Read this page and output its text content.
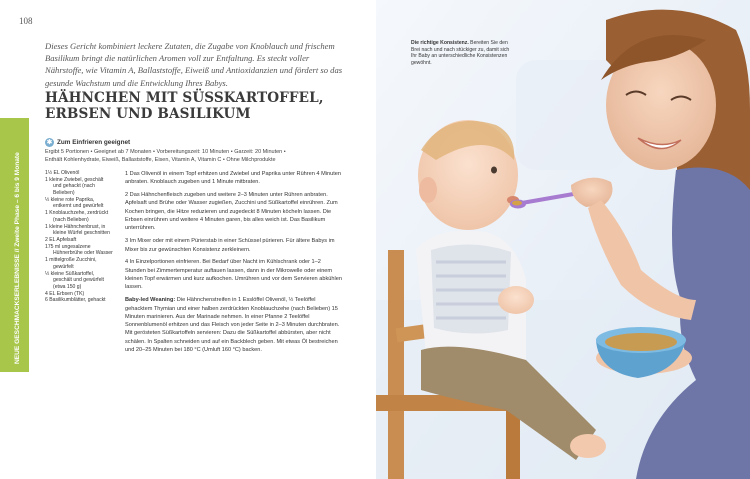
108
NEUE GESCHMACKSERLEBNISSE // Zweite Phase – 6 bis 9 Monate

Dieses Gericht kombiniert leckere Zutaten, die Zugabe von Knoblauch und frischem Basilikum bringt die natürlichen Aromen voll zur Entfaltung. Es steckt voller Nährstoffe, wie Vitamin A, Ballaststoffe, Eiweiß und Antioxidanzien und fördert so das gesunde Wachstum und die Entwicklung Ihres Babys.

HÄHNCHEN MIT SÜSSKARTOFFEL, ERBSEN UND BASILIKUM
✱ Zum Einfrieren geeignet
Ergibt 5 Portionen • Geeignet ab 7 Monaten • Vorbereitungszeit: 10 Minuten • Garzeit: 20 Minuten •
Enthält Kohlenhydrate, Eiweiß, Ballaststoffe, Eisen, Vitamin A, Vitamin C • Ohne Milchprodukte
1½ EL Olivenöl
1 kleine Zwiebel, geschält
und gehackt (nach Belieben)
½ kleine rote Paprika,
entkernt und gewürfelt
1 Knoblauchzehe, zerdrückt
(nach Belieben)
1 kleine Hähnchenbrust, in
kleine Würfel geschnitten
2 EL Apfelsaft
175 ml ungesalzene
Hühnerbrühe oder Wasser
1 mittelgroße Zucchini,
gewürfelt
½ kleine Süßkartoffel,
geschält und gewürfelt (etwa 150 g)
4 EL Erbsen (TK)
6 Basilikumblätter, gehackt

1 Das Olivenöl in einem Topf erhitzen und Zwiebel und Paprika unter Rühren 4 Minuten anbraten. Knoblauch zugeben und 1 Minute mitbraten.

2 Das Hähnchenfleisch zugeben und weitere 2–3 Minuten unter Rühren anbraten. Apfelsaft und Brühe oder Wasser zugießen, Zucchini und Süßkartoffel einrühren. Zum Kochen bringen, die Hitze reduzieren und zugedeckt 8 Minuten köcheln lassen. Die Erbsen einrühren und weitere 4 Minuten garen, bis alles weich ist. Das Basilikum unterrühren.

3 Im Mixer oder mit einem Pürierstab in einer Schüssel pürieren. Für ältere Babys im Mixer bis zur gewünschten Konsistenz zerkleinern.

4 In Einzelportionen einfrieren. Bei Bedarf über Nacht im Kühlschrank oder 1–2 Stunden bei Zimmertemperatur auftauen lassen, dann in der Mikrowelle oder einem kleinen Topf erwärmen und kurz aufkochen. Umrühren und vor dem Servieren abkühlen lassen.

Baby-led Weaning: Die Hähnchenstreifen in 1 Esslöffel Olivenöl, ½ Teelöffel gehacktem Thymian und einer halben zerdrückten Knoblauchzehe (nach Belieben) 15 Minuten marinieren. Aus der Marinade nehmen. In einer Pfanne 2 Teelöffel Sonnenblumenöl erhitzen und das Fleisch von jeder Seite in 2–3 Minuten durchbraten. Mit gerösteten Süßkartoffeln servieren: Dazu die Süßkartoffel abbürsten, aber nicht schälen. In Spalten schneiden und auf ein Backblech geben. Mit etwas Öl bestreichen und 20–25 Minuten bei 180 °C (Umluft 160 °C) backen.

Die richtige Konsistenz. Bereiten Sie den Brei nach und nach stückiger zu, damit sich Ihr Baby an unterschiedliche Konsistenzen gewöhnt.
